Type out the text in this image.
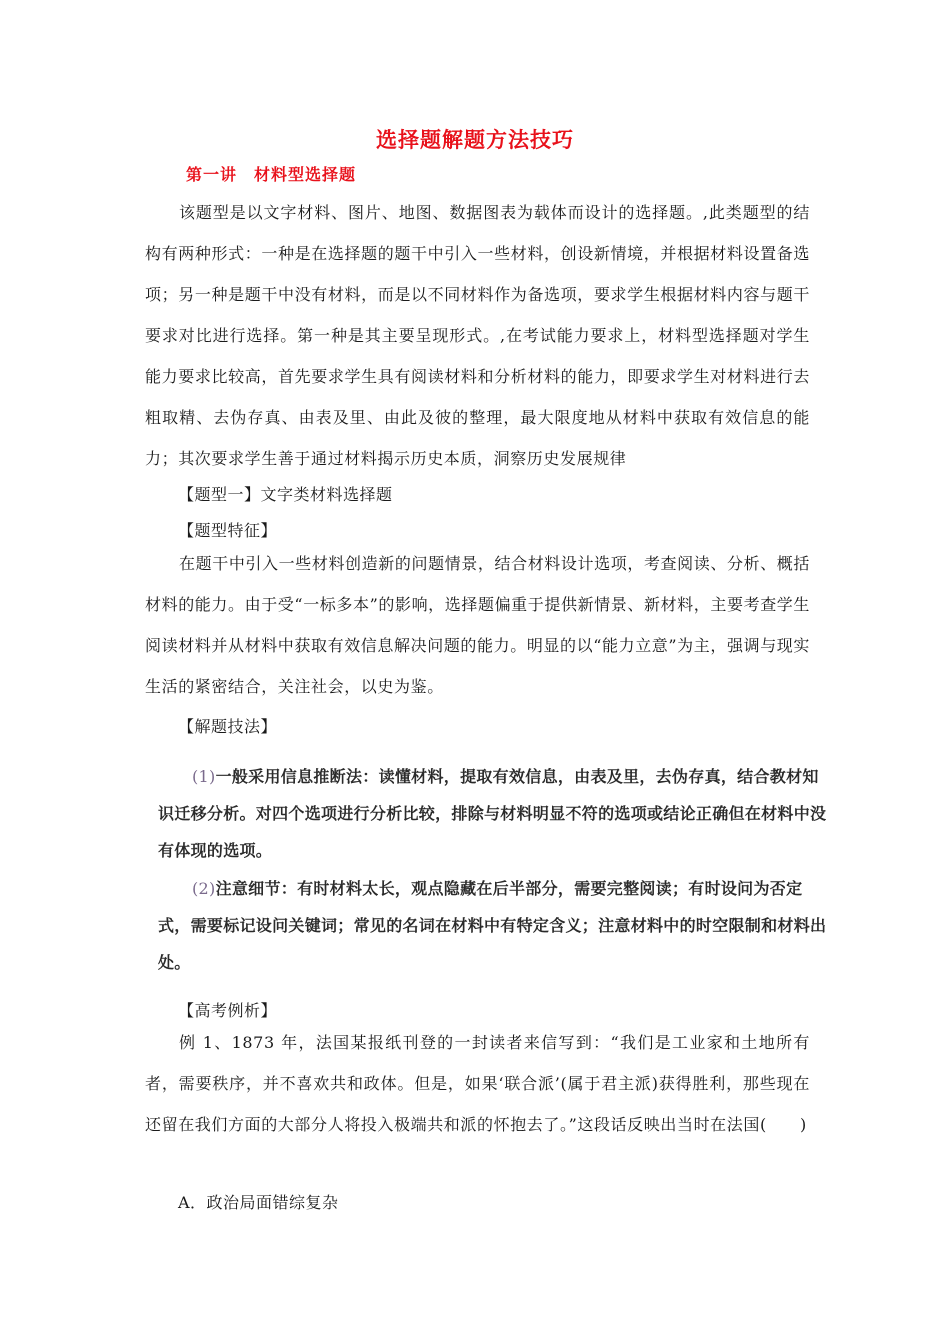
选择题解题方法技巧
第一讲　材料型选择题

该题型是以文字材料、图片、地图、数据图表为载体而设计的选择题。,此类题型的结构有两种形式：一种是在选择题的题干中引入一些材料，创设新情境，并根据材料设置备选项；另一种是题干中没有材料，而是以不同材料作为备选项，要求学生根据材料内容与题干要求对比进行选择。第一种是其主要呈现形式。,在考试能力要求上，材料型选择题对学生能力要求比较高，首先要求学生具有阅读材料和分析材料的能力，即要求学生对材料进行去粗取精、去伪存真、由表及里、由此及彼的整理，最大限度地从材料中获取有效信息的能力；其次要求学生善于通过材料揭示历史本质，洞察历史发展规律

【题型一】文字类材料选择题
【题型特征】

在题干中引入一些材料创造新的问题情景，结合材料设计选项，考查阅读、分析、概括材料的能力。由于受“一标多本”的影响，选择题偏重于提供新情景、新材料，主要考查学生阅读材料并从材料中获取有效信息解决问题的能力。明显的以“能力立意”为主，强调与现实生活的紧密结合，关注社会，以史为鉴。

【解题技法】

(1)一般采用信息推断法：读懂材料，提取有效信息，由表及里，去伪存真，结合教材知识迁移分析。对四个选项进行分析比较，排除与材料明显不符的选项或结论正确但在材料中没有体现的选项。

(2)注意细节：有时材料太长，观点隐藏在后半部分，需要完整阅读；有时设问为否定式，需要标记设问关键词；常见的名词在材料中有特定含义；注意材料中的时空限制和材料出处。

【高考例析】

例 1、1873 年，法国某报纸刊登的一封读者来信写到：“我们是工业家和土地所有者，需要秩序，并不喜欢共和政体。但是，如果‘联合派’(属于君主派)获得胜利，那些现在还留在我们方面的大部分人将投入极端共和派的怀抱去了。”这段话反映出当时在法国(　　)

A．政治局面错综复杂
